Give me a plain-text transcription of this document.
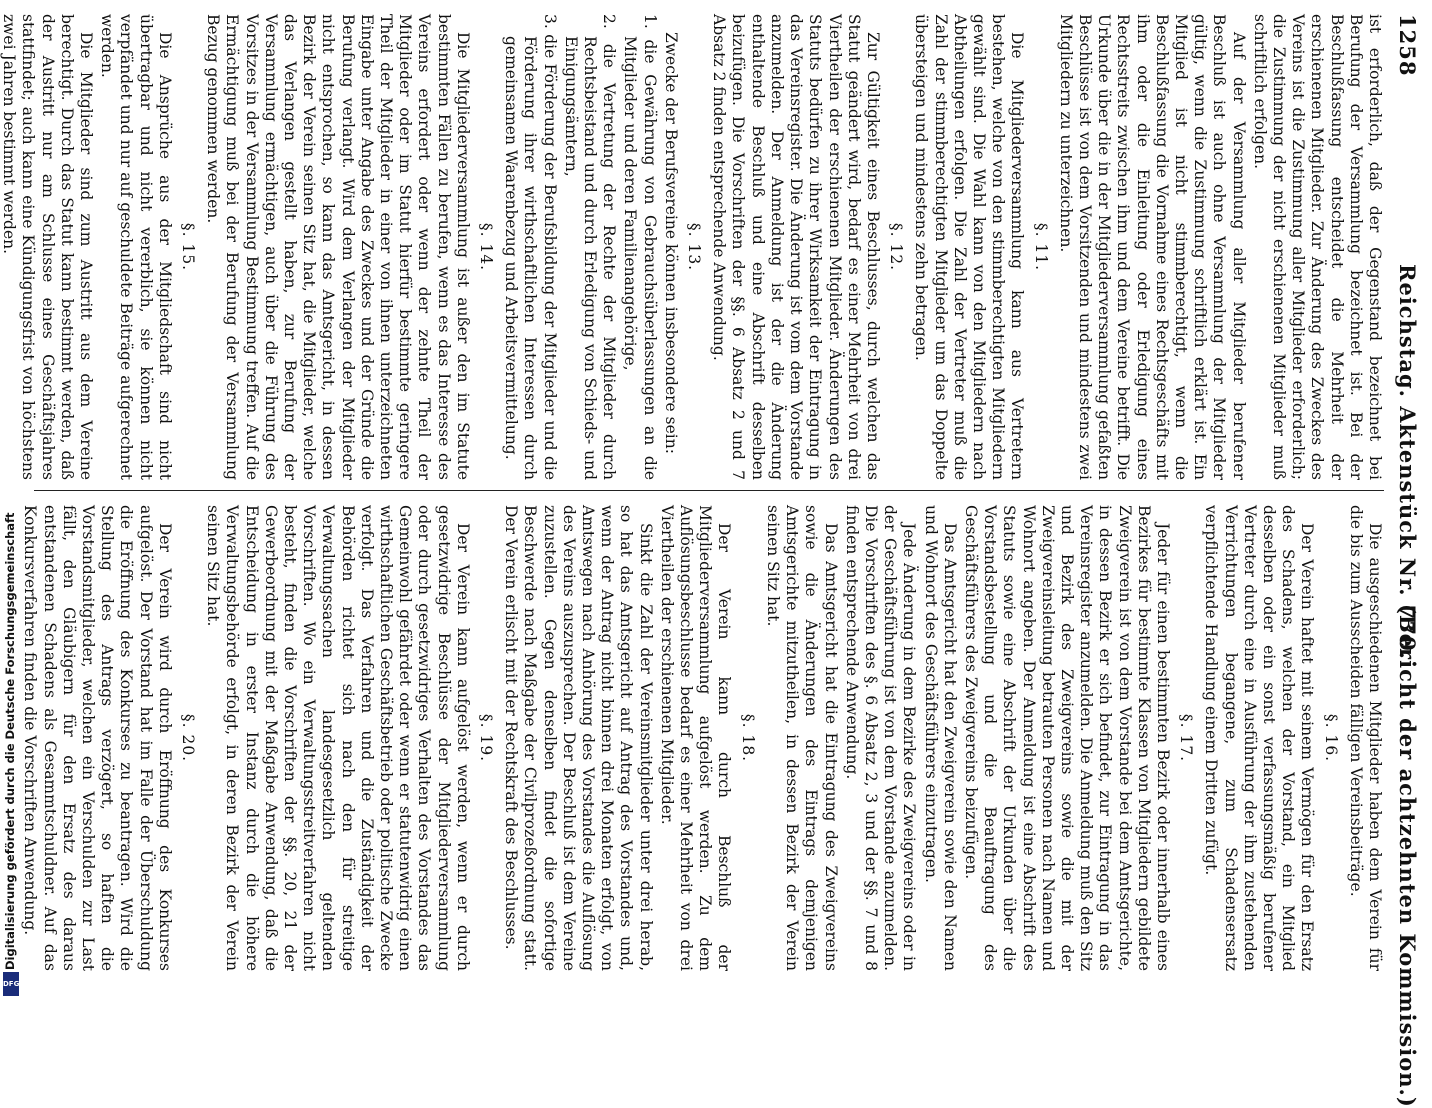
1258
Reichstag. Aktenstück Nr. 770.
(Bericht der achtzehnten Kommission.)

ist erforderlich, daß der Gegenstand bezeichnet bei Berufung der Versammlung bezeichnet ist. Bei der Beschlußfassung entscheidet die Mehrheit der erschienenen Mitglieder. Zur Änderung des Zweckes des Vereins ist die Zustimmung aller Mitglieder erforderlich; die Zustimmung der nicht erschienenen Mitglieder muß schriftlich erfolgen.

Auf der Versammlung aller Mitglieder berufener Beschluß ist auch ohne Versammlung der Mitglieder gültig, wenn die Zustimmung schriftlich erklärt ist. Ein Mitglied ist nicht stimmberechtigt, wenn die Beschlußfassung die Vornahme eines Rechtsgeschäfts mit ihm oder die Einleitung oder Erledigung eines Rechtsstreits zwischen ihm und dem Vereine betrifft. Die Urkunde über die in der Mitgliederversammlung gefaßten Beschlüsse ist von dem Vorsitzenden und mindestens zwei Mitgliedern zu unterzeichnen.

§. 11.

Die Mitgliederversammlung kann aus Vertretern bestehen, welche von den stimmberechtigten Mitgliedern gewählt sind. Die Wahl kann von den Mitgliedern nach Abtheilungen erfolgen. Die Zahl der Vertreter muß die Zahl der stimmberechtigten Mitglieder um das Doppelte übersteigen und mindestens zehn betragen.

§. 12.

Zur Gültigkeit eines Beschlusses, durch welchen das Statut geändert wird, bedarf es einer Mehrheit von drei Viertheilen der erschienenen Mitglieder. Änderungen des Statuts bedürfen zu ihrer Wirksamkeit der Eintragung in das Vereinsregister. Die Änderung ist vom dem Vorstande anzumelden. Der Anmeldung ist der die Änderung enthaltende Beschluß und eine Abschrift desselben beizufügen. Die Vorschriften der §§. 6 Absatz 2 und 7 Absatz 2 finden entsprechende Anwendung.

§. 13.

Zwecke der Berufsvereine können insbesondere sein:

1. die Gewährung von Gebrauchsüberlassungen an die Mitglieder und deren Familienangehörige,

2. die Vertretung der Rechte der Mitglieder durch Rechtsbeistand und durch Erledigung von Schieds- und Einigungsämtern,

3. die Förderung der Berufsbildung der Mitglieder und die Förderung ihrer wirthschaftlichen Interessen durch gemeinsamen Waarenbezug und Arbeitsvermittelung.

§. 14.

Die Mitgliederversammlung ist außer den im Statute bestimmten Fällen zu berufen, wenn es das Interesse des Vereins erfordert oder wenn der zehnte Theil der Mitglieder oder im Statut hierfür bestimmte geringere Theil der Mitglieder in einer von ihnen unterzeichneten Eingabe unter Angabe des Zweckes und der Gründe die Berufung verlangt. Wird dem Verlangen der Mitglieder nicht entsprochen, so kann das Amtsgericht, in dessen Bezirk der Verein seinen Sitz hat, die Mitglieder, welche das Verlangen gestellt haben, zur Berufung der Versammlung ermächtigen, auch über die Führung des Vorsitzes in der Versammlung Bestimmung treffen. Auf die Ermächtigung muß bei der Berufung der Versammlung Bezug genommen werden.

§. 15.

Die Ansprüche aus der Mitgliedschaft sind nicht übertragbar und nicht vererblich, sie können nicht verpfändet und nur auf geschuldete Beiträge aufgerechnet werden.

Die Mitglieder sind zum Austritt aus dem Vereine berechtigt. Durch das Statut kann bestimmt werden, daß der Austritt nur am Schlusse eines Geschäftsjahres stattfindet; auch kann eine Kündigungsfrist von höchstens zwei Jahren bestimmt werden.

Die ausgeschiedenen Mitglieder haben dem Verein für die bis zum Ausscheiden fälligen Vereinsbeiträge.

§. 16.

Der Verein haftet mit seinem Vermögen für den Ersatz des Schadens, welchen der Vorstand, ein Mitglied desselben oder ein sonst verfassungsmäßig berufener Vertreter durch eine in Ausführung der ihm zustehenden Verrichtungen begangene, zum Schadensersatz verpflichtende Handlung einem Dritten zufügt.

§. 17.

Jeder für einen bestimmten Bezirk oder innerhalb eines Bezirkes für bestimmte Klassen von Mitgliedern gebildete Zweigverein ist von dem Vorstande bei dem Amtsgerichte, in dessen Bezirk er sich befindet, zur Eintragung in das Vereinsregister anzumelden. Die Anmeldung muß den Sitz und Bezirk des Zweigvereins sowie die mit der Zweigvereinsleitung betrauten Personen nach Namen und Wohnort angeben. Der Anmeldung ist eine Abschrift des Statuts sowie eine Abschrift der Urkunden über die Vorstandsbestellung und die Beauftragung des Geschäftsführers des Zweigvereins beizufügen.

Das Amtsgericht hat den Zweigverein sowie den Namen und Wohnort des Geschäftsführers einzutragen.

Jede Änderung in dem Bezirke des Zweigvereins oder in der Geschäftsführung ist von dem Vorstande anzumelden. Die Vorschriften des §. 6 Absatz 2, 3 und der §§. 7 und 8 finden entsprechende Anwendung.

Das Amtsgericht hat die Eintragung des Zweigvereins sowie die Änderungen des Eintrags demjenigen Amtsgerichte mitzutheilen, in dessen Bezirk der Verein seinen Sitz hat.

§. 18.

Der Verein kann durch Beschluß der Mitgliederversammlung aufgelöst werden. Zu dem Auflösungsbeschlusse bedarf es einer Mehrheit von drei Viertheilen der erschienenen Mitglieder.

Sinkt die Zahl der Vereinsmitglieder unter drei herab, so hat das Amtsgericht auf Antrag des Vorstandes und, wenn der Antrag nicht binnen drei Monaten erfolgt, von Amtswegen nach Anhörung des Vorstandes die Auflösung des Vereins auszusprechen. Der Beschluß ist dem Vereine zuzustellen. Gegen denselben findet die sofortige Beschwerde nach Maßgabe der Civilprozeßordnung statt. Der Verein erlischt mit der Rechtskraft des Beschlusses.

§. 19.

Der Verein kann aufgelöst werden, wenn er durch gesetzwidrige Beschlüsse der Mitgliederversammlung oder durch gesetzwidriges Verhalten des Vorstandes das Gemeinwohl gefährdet oder wenn er statutenwidrig einen wirthschaftlichen Geschäftsbetrieb oder politische Zwecke verfolgt. Das Verfahren und die Zuständigkeit der Behörden richtet sich nach den für streitige Verwaltungssachen landesgesetzlich geltenden Vorschriften. Wo ein Verwaltungsstreitverfahren nicht besteht, finden die Vorschriften der §§. 20, 21 der Gewerbeordnung mit der Maßgabe Anwendung, daß die Entscheidung in erster Instanz durch die höhere Verwaltungsbehörde erfolgt, in deren Bezirk der Verein seinen Sitz hat.

§. 20.

Der Verein wird durch Eröffnung des Konkurses aufgelöst. Der Vorstand hat im Falle der Überschuldung die Eröffnung des Konkurses zu beantragen. Wird die Stellung des Antrags verzögert, so haften die Vorstandsmitglieder, welchen ein Verschulden zur Last fällt, den Gläubigern für den Ersatz des daraus entstandenen Schadens als Gesammtschuldner. Auf das Konkursverfahren finden die Vorschriften Anwendung.

Digitalisierung gefördert durch die Deutsche Forschungsgemeinschaft
DFG
